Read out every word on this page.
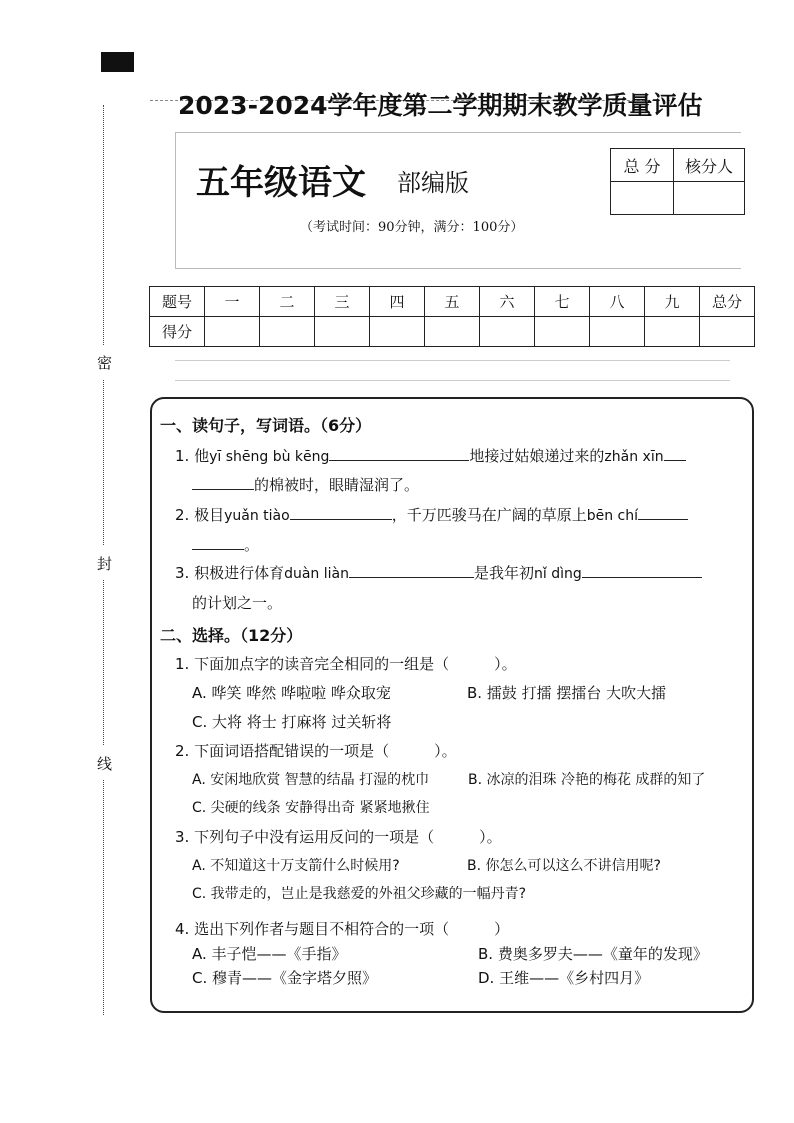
密
封
线
2023-2024学年度第二学期期末教学质量评估
五年级语文 部编版
（考试时间：90分钟，满分：100分）
总 分	核分人

题号	一	二	三	四	五	六	七	八	九	总分
得分										
一、读句子，写词语。（6分）
1. 他yī shēng bù kēng	地接过姑娘递过来的zhǎn xīn
的棉被时，眼睛湿润了。
2. 极目yuǎn tiào	，千万匹骏马在广阔的草原上bēn chí
。
3. 积极进行体育duàn liàn	是我年初nǐ dìng
的计划之一。
二、选择。（12分）
1. 下面加点字的读音完全相同的一组是（　　　）。
A. 哗笑 哗然 哗啦啦 哗众取宠	B. 擂鼓 打擂 摆擂台 大吹大擂
C. 大将 将士 打麻将 过关斩将
2. 下面词语搭配错误的一项是（　　　）。
A. 安闲地欣赏 智慧的结晶 打湿的枕巾	B. 冰凉的泪珠 冷艳的梅花 成群的知了
C. 尖硬的线条 安静得出奇 紧紧地揪住
3. 下列句子中没有运用反问的一项是（　　　）。
A. 不知道这十万支箭什么时候用?	B. 你怎么可以这么不讲信用呢?
C. 我带走的，岂止是我慈爱的外祖父珍藏的一幅丹青?
4. 选出下列作者与题目不相符合的一项（　　　）
A. 丰子恺——《手指》	B. 费奥多罗夫——《童年的发现》
C. 穆青——《金字塔夕照》	D. 王维——《乡村四月》
